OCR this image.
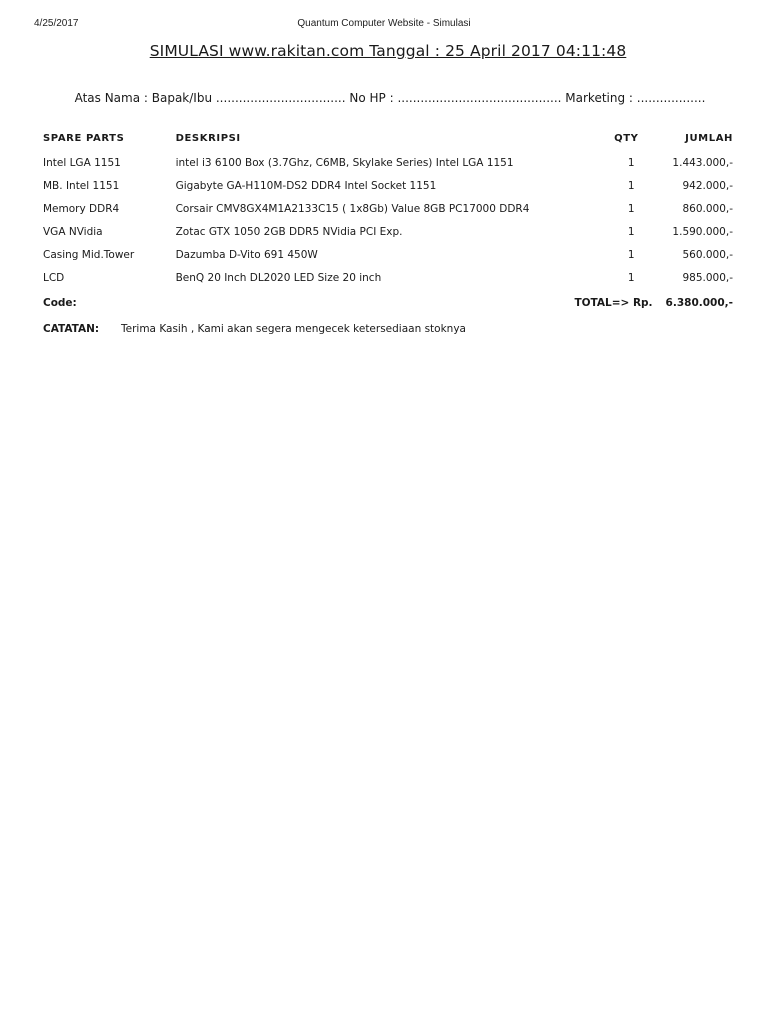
4/25/2017	Quantum Computer Website - Simulasi
SIMULASI www.rakitan.com Tanggal : 25 April 2017 04:11:48
Atas Nama : Bapak/Ibu .................................. No HP : ........................................... Marketing : ..................
SPARE PARTS	DESKRIPSI	QTY	JUMLAH
Intel LGA 1151	intel i3 6100 Box (3.7Ghz, C6MB, Skylake Series) Intel LGA 1151	1	1.443.000,-
MB. Intel 1151	Gigabyte GA-H110M-DS2 DDR4 Intel Socket 1151	1	942.000,-
Memory DDR4	Corsair CMV8GX4M1A2133C15 ( 1x8Gb) Value 8GB PC17000 DDR4	1	860.000,-
VGA NVidia	Zotac GTX 1050 2GB DDR5 NVidia PCI Exp.	1	1.590.000,-
Casing Mid.Tower	Dazumba D-Vito 691 450W	1	560.000,-
LCD	BenQ 20 Inch DL2020 LED Size 20 inch	1	985.000,-
Code:		TOTAL=> Rp.	6.380.000,-
CATATAN: Terima Kasih , Kami akan segera mengecek ketersediaan stoknya
